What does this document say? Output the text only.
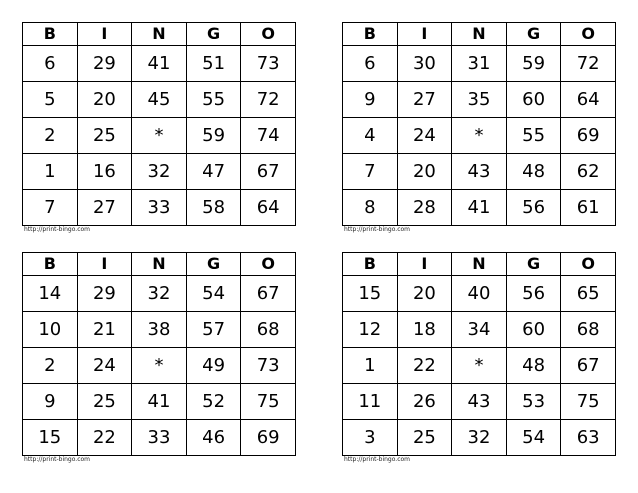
B	I	N	G	O
6	29	41	51	73
5	20	45	55	72
2	25	*	59	74
1	16	32	47	67
7	27	33	58	64
http://print-bingo.com
B	I	N	G	O
6	30	31	59	72
9	27	35	60	64
4	24	*	55	69
7	20	43	48	62
8	28	41	56	61
http://print-bingo.com
B	I	N	G	O
14	29	32	54	67
10	21	38	57	68
2	24	*	49	73
9	25	41	52	75
15	22	33	46	69
http://print-bingo.com
B	I	N	G	O
15	20	40	56	65
12	18	34	60	68
1	22	*	48	67
11	26	43	53	75
3	25	32	54	63
http://print-bingo.com
